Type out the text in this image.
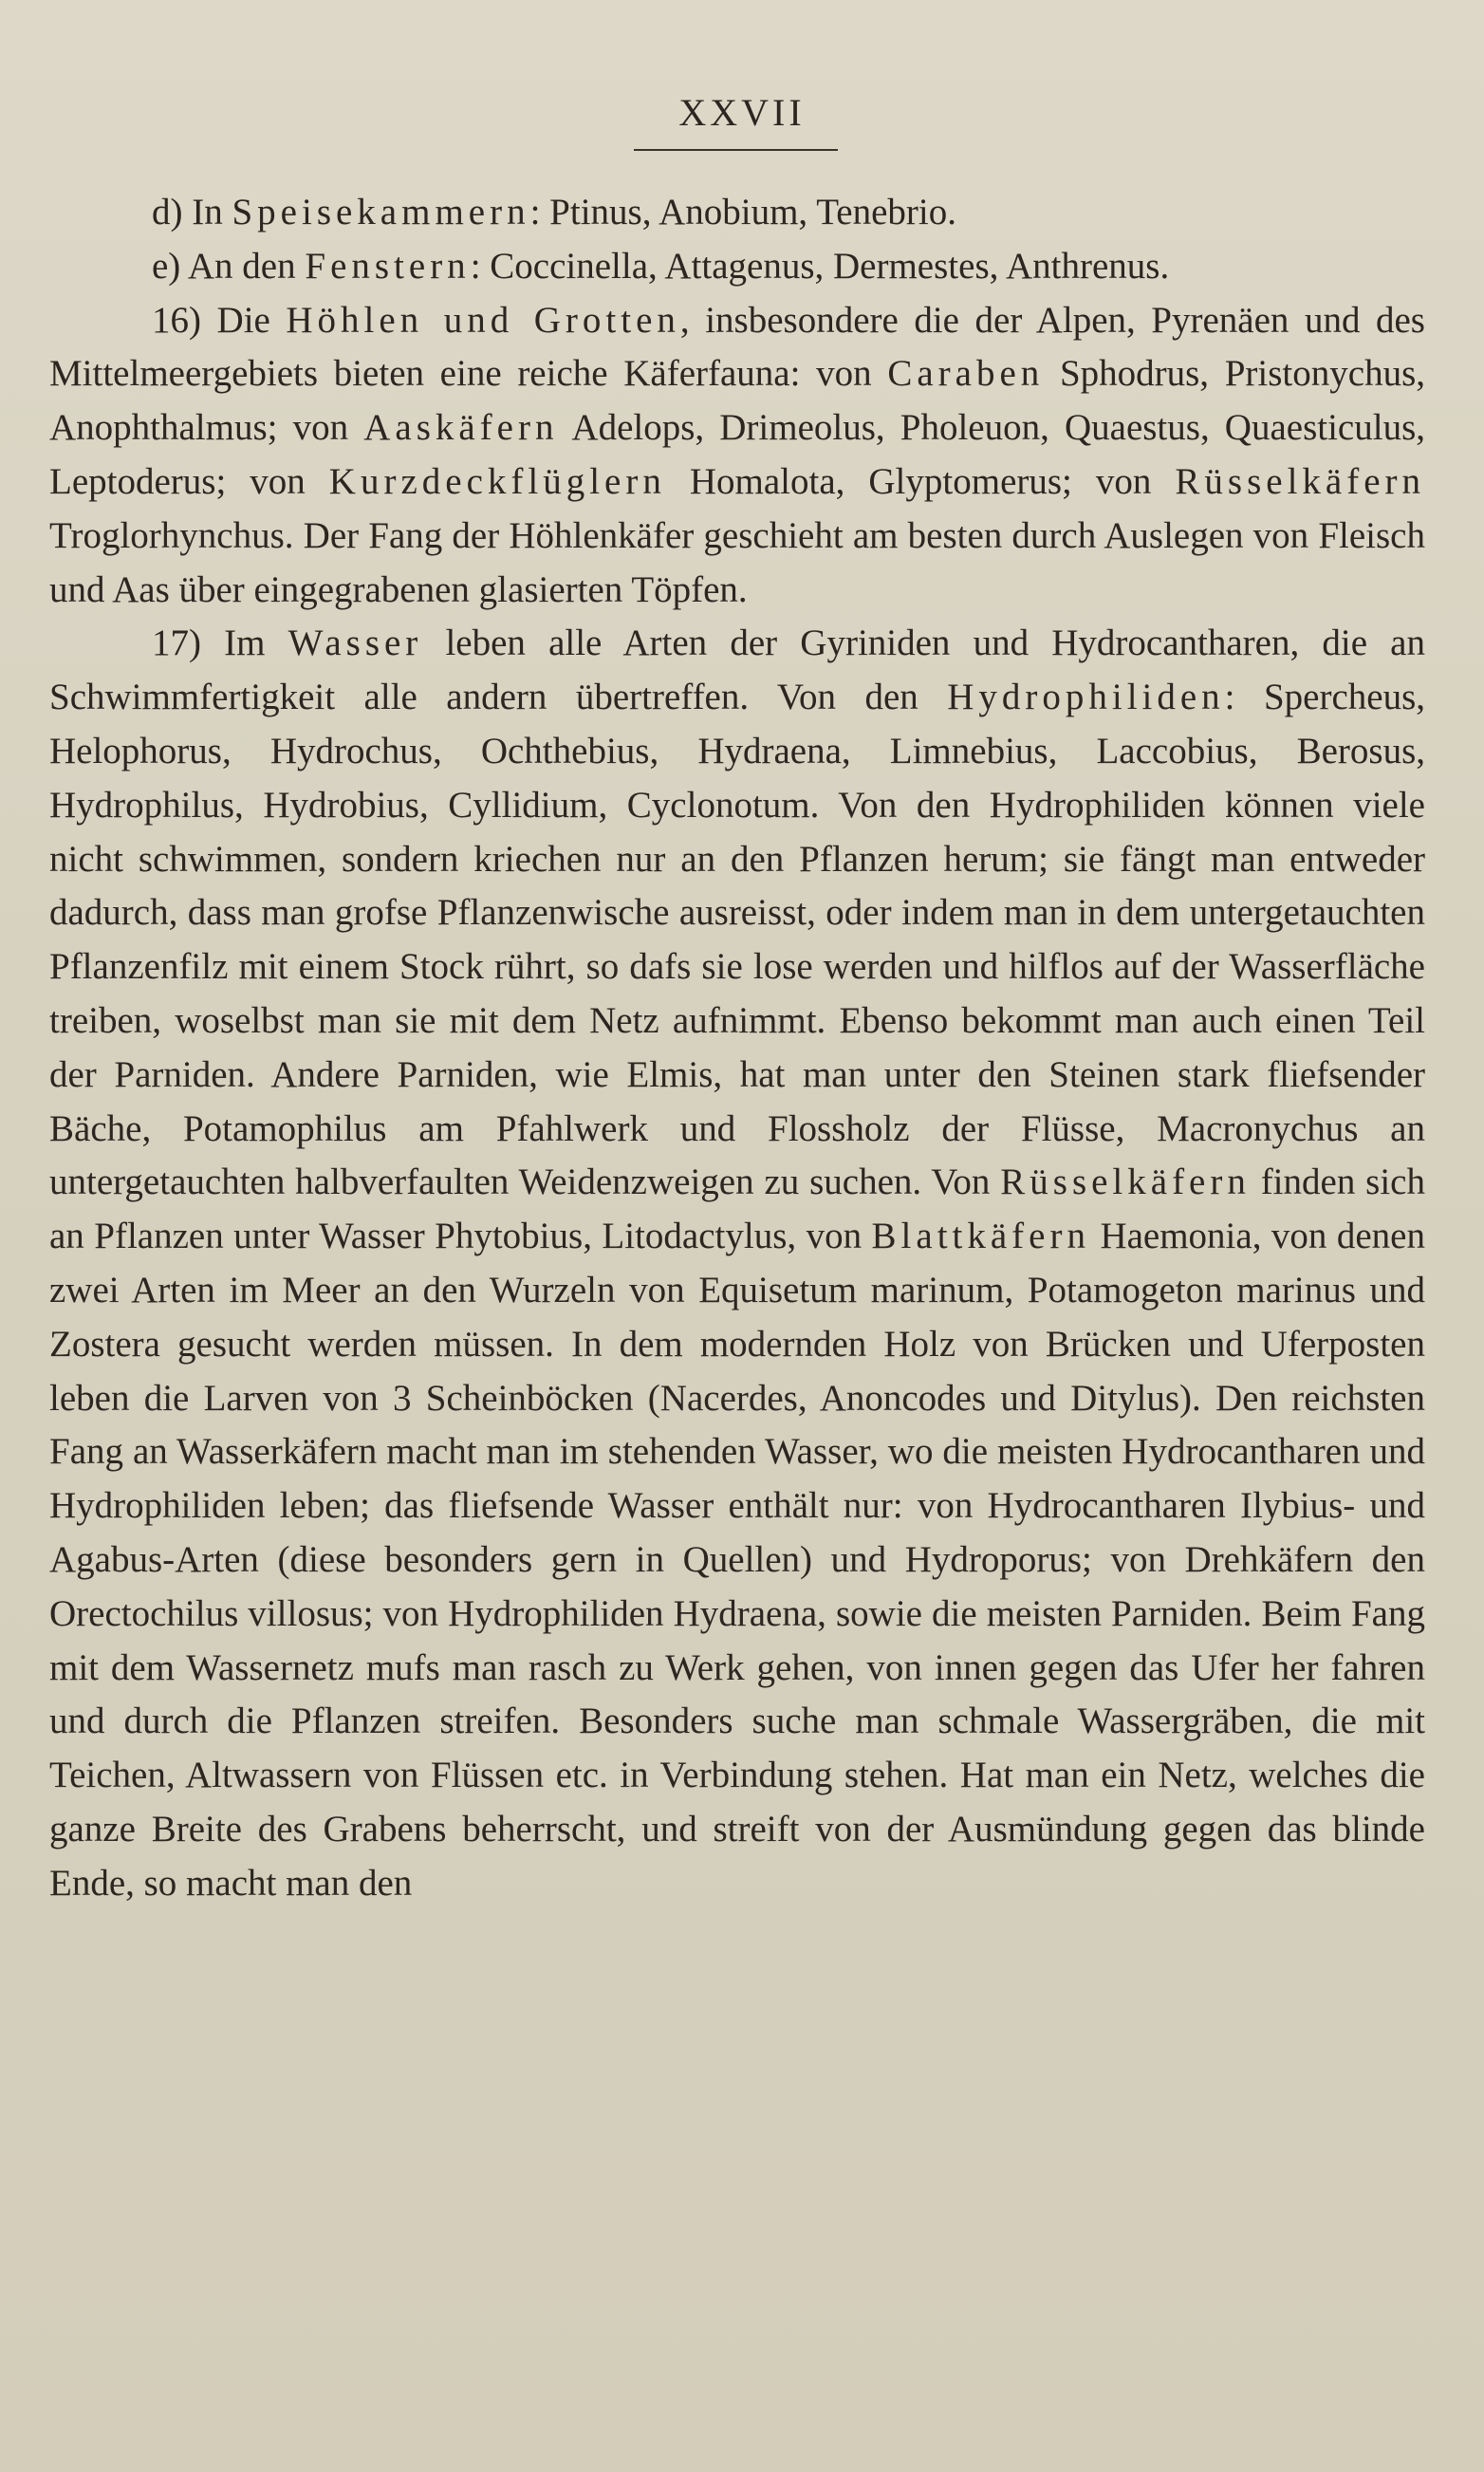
XXVII

d) In Speisekammern: Ptinus, Anobium, Tenebrio.

e) An den Fenstern: Coccinella, Attagenus, Dermestes, Anthrenus.

16) Die Höhlen und Grotten, insbesondere die der Alpen, Pyrenäen und des Mittelmeergebiets bieten eine reiche Käferfauna: von Caraben Sphodrus, Pristonychus, Anophthalmus; von Aaskäfern Adelops, Drimeolus, Pholeuon, Quaestus, Quaesticulus, Leptoderus; von Kurzdeckflüglern Homalota, Glyptomerus; von Rüsselkäfern Troglorhynchus. Der Fang der Höhlenkäfer geschieht am besten durch Auslegen von Fleisch und Aas über eingegrabenen glasierten Töpfen.

17) Im Wasser leben alle Arten der Gyriniden und Hydrocantharen, die an Schwimmfertigkeit alle andern übertreffen. Von den Hydrophiliden: Spercheus, Helophorus, Hydrochus, Ochthebius, Hydraena, Limnebius, Laccobius, Berosus, Hydrophilus, Hydrobius, Cyllidium, Cyclonotum. Von den Hydrophiliden können viele nicht schwimmen, sondern kriechen nur an den Pflanzen herum; sie fängt man entweder dadurch, dass man grofse Pflanzenwische ausreisst, oder indem man in dem untergetauchten Pflanzenfilz mit einem Stock rührt, so dafs sie lose werden und hilflos auf der Wasserfläche treiben, woselbst man sie mit dem Netz aufnimmt. Ebenso bekommt man auch einen Teil der Parniden. Andere Parniden, wie Elmis, hat man unter den Steinen stark fliefsender Bäche, Potamophilus am Pfahlwerk und Flossholz der Flüsse, Macronychus an untergetauchten halbverfaulten Weidenzweigen zu suchen. Von Rüsselkäfern finden sich an Pflanzen unter Wasser Phytobius, Litodactylus, von Blattkäfern Haemonia, von denen zwei Arten im Meer an den Wurzeln von Equisetum marinum, Potamogeton marinus und Zostera gesucht werden müssen. In dem modernden Holz von Brücken und Uferposten leben die Larven von 3 Scheinböcken (Nacerdes, Anoncodes und Ditylus). Den reichsten Fang an Wasserkäfern macht man im stehenden Wasser, wo die meisten Hydrocantharen und Hydrophiliden leben; das fliefsende Wasser enthält nur: von Hydrocantharen Ilybius- und Agabus-Arten (diese besonders gern in Quellen) und Hydroporus; von Drehkäfern den Orectochilus villosus; von Hydrophiliden Hydraena, sowie die meisten Parniden. Beim Fang mit dem Wassernetz mufs man rasch zu Werk gehen, von innen gegen das Ufer her fahren und durch die Pflanzen streifen. Besonders suche man schmale Wassergräben, die mit Teichen, Altwassern von Flüssen etc. in Verbindung stehen. Hat man ein Netz, welches die ganze Breite des Grabens beherrscht, und streift von der Ausmündung gegen das blinde Ende, so macht man den
